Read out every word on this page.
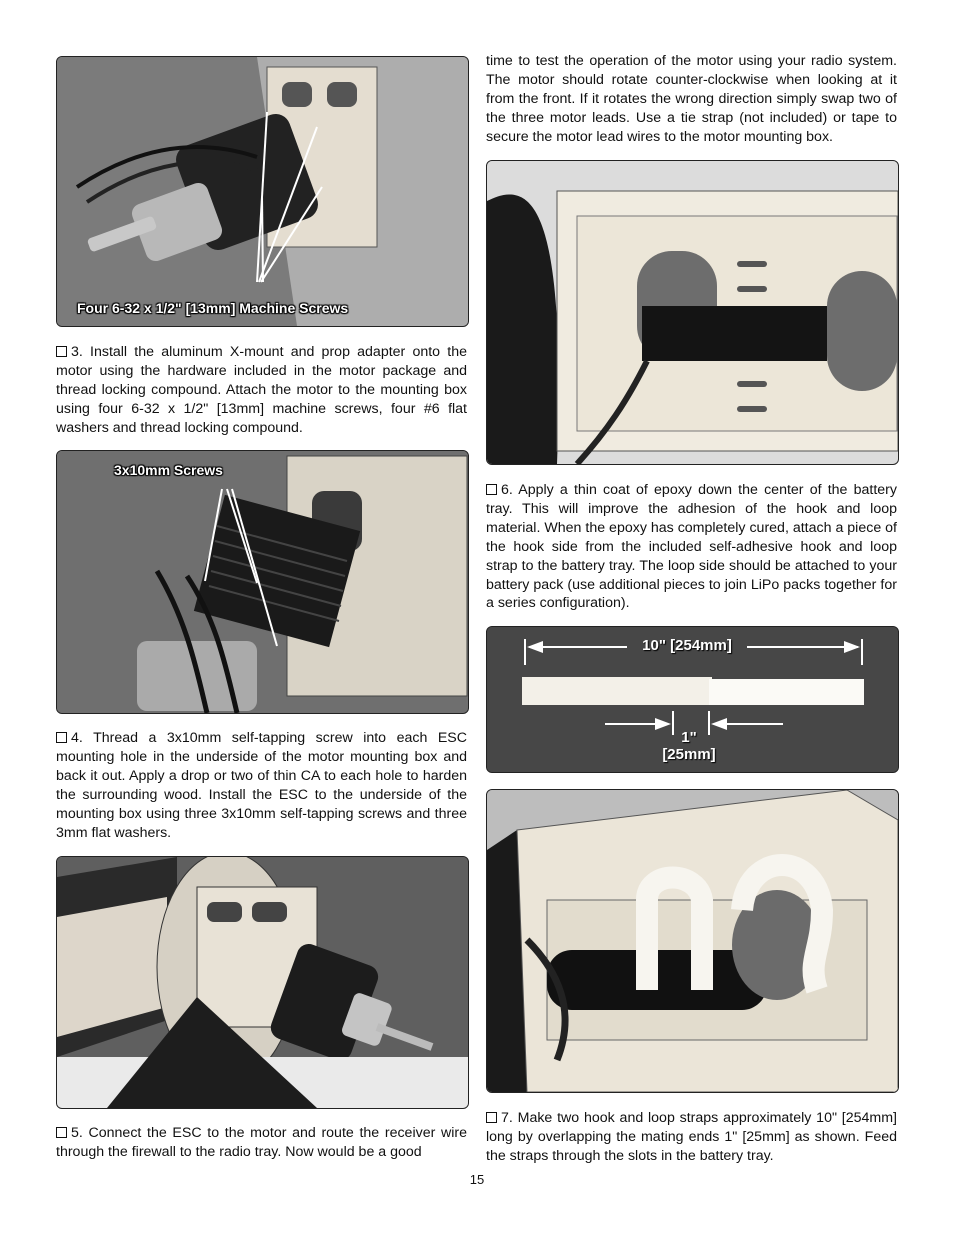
Four 6-32 x 1/2" [13mm] Machine Screws

3. Install the aluminum X-mount and prop adapter onto the motor using the hardware included in the motor package and thread locking compound. Attach the motor to the mounting box using four 6-32 x 1/2" [13mm] machine screws, four #6 flat washers and thread locking compound.

3x10mm Screws

4. Thread a 3x10mm self-tapping screw into each ESC mounting hole in the underside of the motor mounting box and back it out. Apply a drop or two of thin CA to each hole to harden the surrounding wood. Install the ESC to the underside of the mounting box using three 3x10mm self-tapping screws and three 3mm flat washers.

5. Connect the ESC to the motor and route the receiver wire through the firewall to the radio tray. Now would be a good

time to test the operation of the motor using your radio system. The motor should rotate counter-clockwise when looking at it from the front. If it rotates the wrong direction simply swap two of the three motor leads. Use a tie strap (not included) or tape to secure the motor lead wires to the motor mounting box.

6. Apply a thin coat of epoxy down the center of the battery tray. This will improve the adhesion of the hook and loop material. When the epoxy has completely cured, attach a piece of the hook side from the included self-adhesive hook and loop strap to the battery tray. The loop side should be attached to your battery pack (use additional pieces to join LiPo packs together for a series configuration).

10" [254mm]
1"
[25mm]

7. Make two hook and loop straps approximately 10" [254mm] long by overlapping the mating ends 1" [25mm] as shown. Feed the straps through the slots in the battery tray.

15
